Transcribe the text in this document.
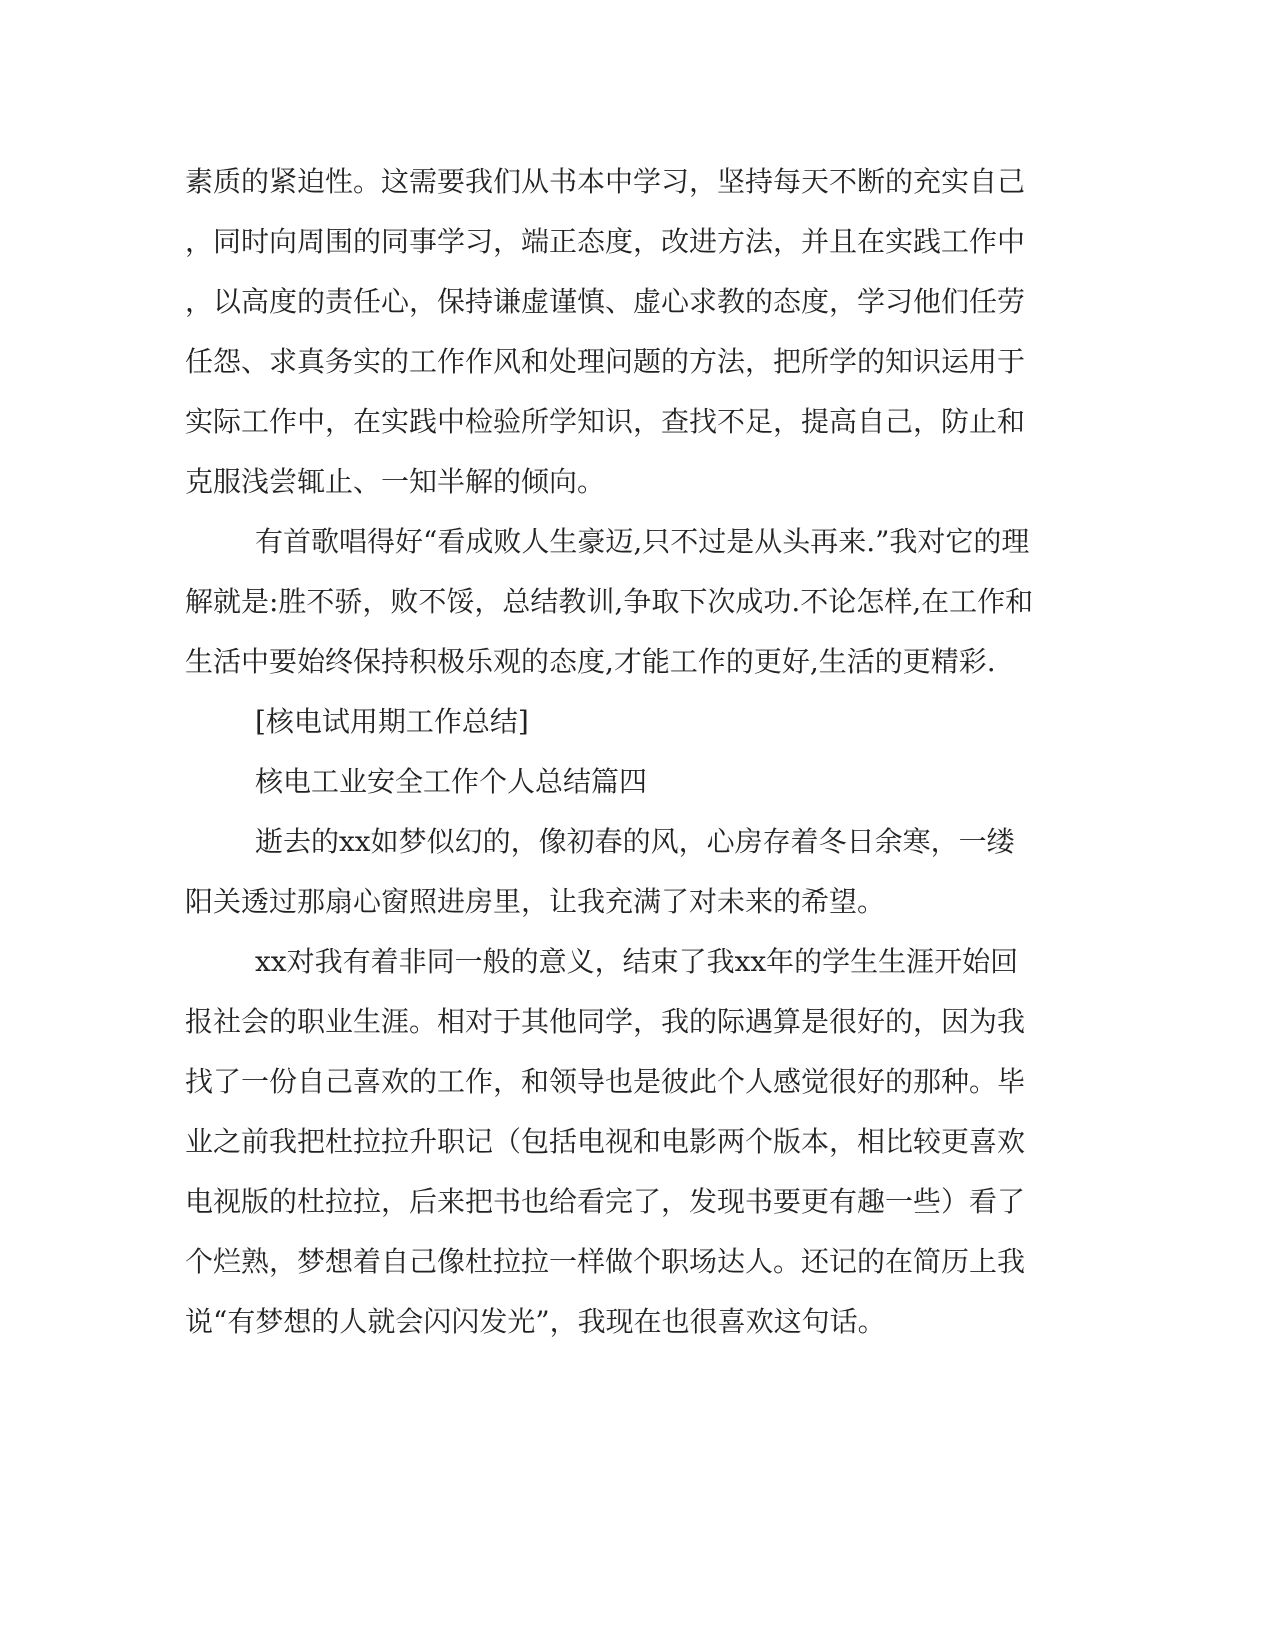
素质的紧迫性。这需要我们从书本中学习，坚持每天不断的充实自己
，同时向周围的同事学习，端正态度，改进方法，并且在实践工作中
，以高度的责任心，保持谦虚谨慎、虚心求教的态度，学习他们任劳
任怨、求真务实的工作作风和处理问题的方法，把所学的知识运用于
实际工作中，在实践中检验所学知识，查找不足，提高自己，防止和
克服浅尝辄止、一知半解的倾向。
有首歌唱得好“看成败人生豪迈,只不过是从头再来.”我对它的理
解就是:胜不骄，败不馁，总结教训,争取下次成功.不论怎样,在工作和
生活中要始终保持积极乐观的态度,才能工作的更好,生活的更精彩.
[核电试用期工作总结]
核电工业安全工作个人总结篇四
逝去的xx如梦似幻的，像初春的风，心房存着冬日余寒，一缕
阳关透过那扇心窗照进房里，让我充满了对未来的希望。
xx对我有着非同一般的意义，结束了我xx年的学生生涯开始回
报社会的职业生涯。相对于其他同学，我的际遇算是很好的，因为我
找了一份自己喜欢的工作，和领导也是彼此个人感觉很好的那种。毕
业之前我把杜拉拉升职记（包括电视和电影两个版本，相比较更喜欢
电视版的杜拉拉，后来把书也给看完了，发现书要更有趣一些）看了
个烂熟，梦想着自己像杜拉拉一样做个职场达人。还记的在简历上我
说“有梦想的人就会闪闪发光”，我现在也很喜欢这句话。
